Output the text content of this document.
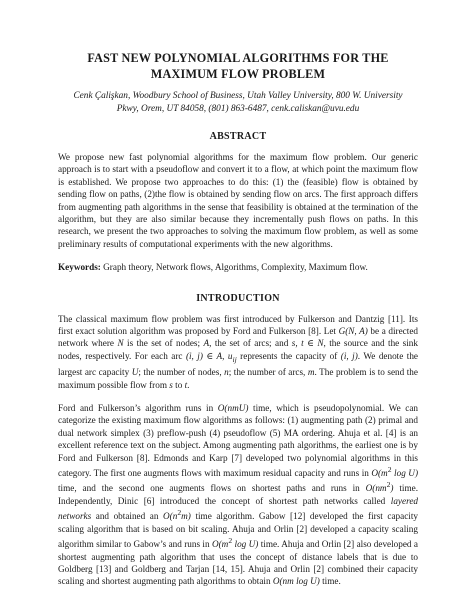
FAST NEW POLYNOMIAL ALGORITHMS FOR THE
MAXIMUM FLOW PROBLEM
Cenk Çalişkan, Woodbury School of Business, Utah Valley University, 800 W. University
Pkwy, Orem, UT 84058, (801) 863-6487, cenk.caliskan@uvu.edu
ABSTRACT

We propose new fast polynomial algorithms for the maximum flow problem. Our generic approach is to start with a pseudoflow and convert it to a flow, at which point the maximum flow is established. We propose two approaches to do this: (1) the (feasible) flow is obtained by sending flow on paths, (2)the flow is obtained by sending flow on arcs. The first approach differs from augmenting path algorithms in the sense that feasibility is obtained at the termination of the algorithm, but they are also similar because they incrementally push flows on paths. In this research, we present the two approaches to solving the maximum flow problem, as well as some preliminary results of computational experiments with the new algorithms.

Keywords: Graph theory, Network flows, Algorithms, Complexity, Maximum flow.

INTRODUCTION

The classical maximum flow problem was first introduced by Fulkerson and Dantzig [11]. Its first exact solution algorithm was proposed by Ford and Fulkerson [8]. Let G(N, A) be a directed network where N is the set of nodes; A, the set of arcs; and s, t ∈ N, the source and the sink nodes, respectively. For each arc (i, j) ∈ A, $u_{ij}$ represents the capacity of (i, j). We denote the largest arc capacity U; the number of nodes, n; the number of arcs, m. The problem is to send the maximum possible flow from s to t.

Ford and Fulkerson’s algorithm runs in O(nmU) time, which is pseudopolynomial. We can categorize the existing maximum flow algorithms as follows: (1) augmenting path (2) primal and dual network simplex (3) preflow-push (4) pseudoflow (5) MA ordering. Ahuja et al. [4] is an excellent reference text on the subject. Among augmenting path algorithms, the earliest one is by Ford and Fulkerson [8]. Edmonds and Karp [7] developed two polynomial algorithms in this category. The first one augments flows with maximum residual capacity and runs in $O(m^2$ log U) time, and the second one augments flows on shortest paths and runs in $O(nm^2)$ time. Independently, Dinic [6] introduced the concept of shortest path networks called layered networks and obtained an $O(n^2m)$ time algorithm. Gabow [12] developed the first capacity scaling algorithm that is based on bit scaling. Ahuja and Orlin [2] developed a capacity scaling algorithm similar to Gabow’s and runs in $O(m^2$ log U) time. Ahuja and Orlin [2] also developed a shortest augmenting path algorithm that uses the concept of distance labels that is due to Goldberg [13] and Goldberg and Tarjan [14, 15]. Ahuja and Orlin [2] combined their capacity scaling and shortest augmenting path algorithms to obtain O(nm log U) time.
